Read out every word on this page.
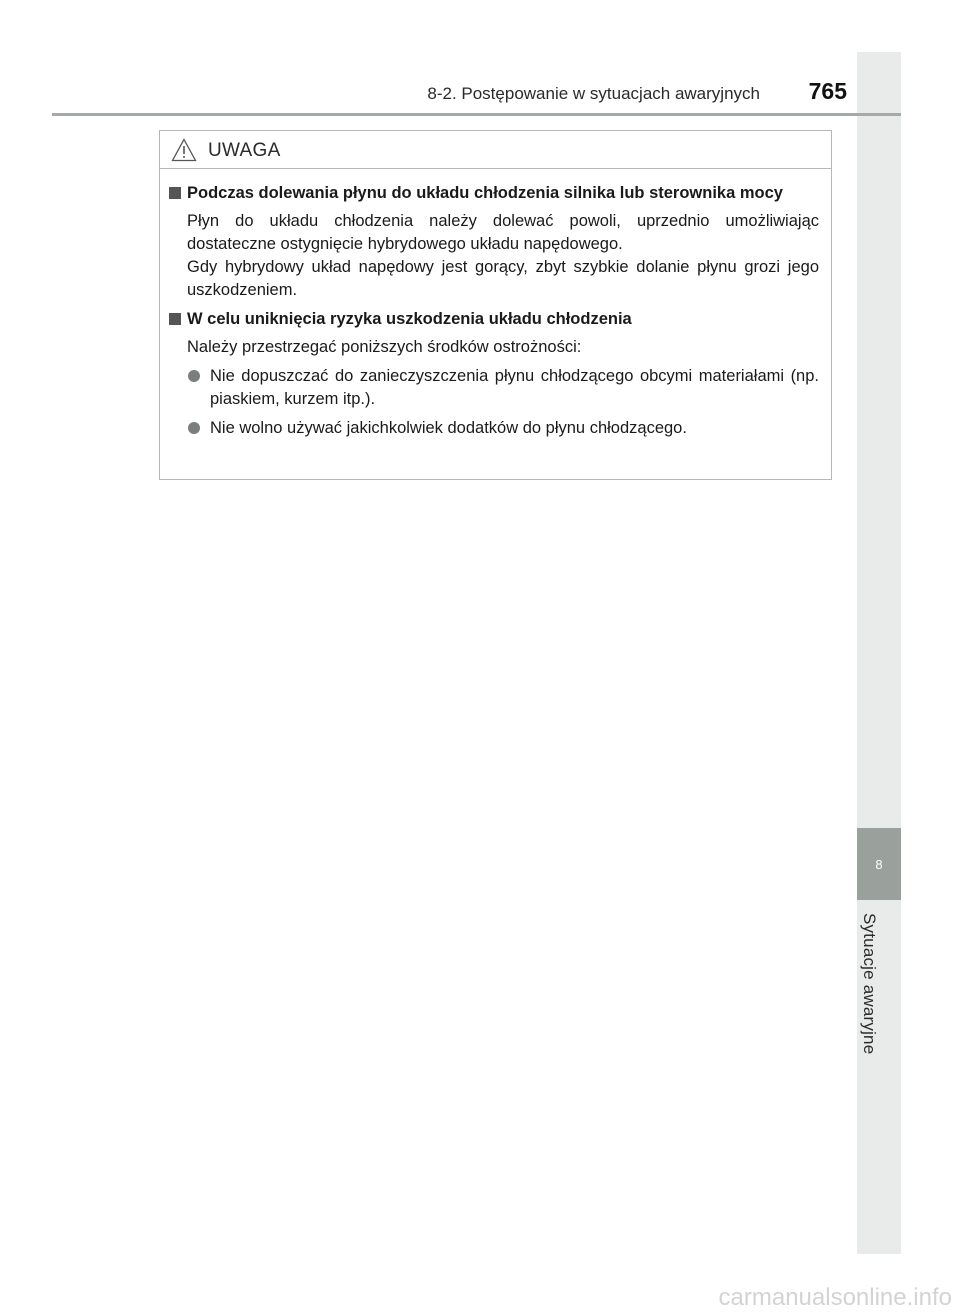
8
Sytuacje awaryjne
8-2. Postępowanie w sytuacjach awaryjnych	765
UWAGA
Podczas dolewania płynu do układu chłodzenia silnika lub sterownika mocy

Płyn do układu chłodzenia należy dolewać powoli, uprzednio umożliwiając dostateczne ostygnięcie hybrydowego układu napędowego.

Gdy hybrydowy układ napędowy jest gorący, zbyt szybkie dolanie płynu grozi jego uszkodzeniem.

W celu uniknięcia ryzyka uszkodzenia układu chłodzenia

Należy przestrzegać poniższych środków ostrożności:

Nie dopuszczać do zanieczyszczenia płynu chłodzącego obcymi materiałami (np. piaskiem, kurzem itp.).
Nie wolno używać jakichkolwiek dodatków do płynu chłodzącego.
carmanualsonline.info
